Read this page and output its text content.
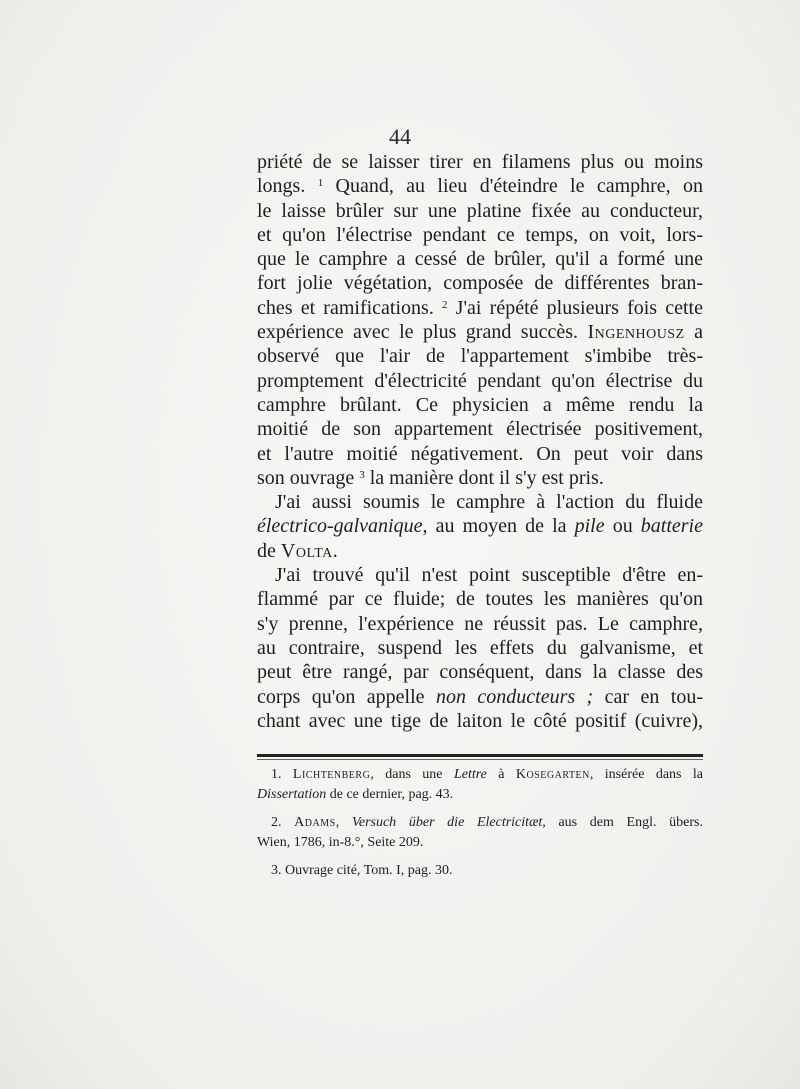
44
priété de se laisser tirer en filamens plus ou moins
longs. $^1$ Quand, au lieu d'éteindre le camphre, on
le laisse brûler sur une platine fixée au conducteur,
et qu'on l'électrise pendant ce temps, on voit, lors-
que le camphre a cessé de brûler, qu'il a formé une
fort jolie végétation, composée de différentes bran-
ches et ramifications. $^2$ J'ai répété plusieurs fois cette
expérience avec le plus grand succès. Ingenhousz a
observé que l'air de l'appartement s'imbibe très-
promptement d'électricité pendant qu'on électrise du
camphre brûlant. Ce physicien a même rendu la
moitié de son appartement électrisée positivement,
et l'autre moitié négativement. On peut voir dans
son ouvrage $^3$ la manière dont il s'y est pris.
J'ai aussi soumis le camphre à l'action du fluide
électrico-galvanique, au moyen de la pile ou batterie
de Volta.
J'ai trouvé qu'il n'est point susceptible d'être en-
flammé par ce fluide; de toutes les manières qu'on
s'y prenne, l'expérience ne réussit pas. Le camphre,
au contraire, suspend les effets du galvanisme, et
peut être rangé, par conséquent, dans la classe des
corps qu'on appelle non conducteurs ; car en tou-
chant avec une tige de laiton le côté positif (cuivre),
1. Lichtenberg, dans une Lettre à Kosegarten, insérée dans la
Dissertation de ce dernier, pag. 43.
2. Adams, Versuch über die Electricitæt, aus dem Engl. übers.
Wien, 1786, in-8.°, Seite 209.
3. Ouvrage cité, Tom. I, pag. 30.
